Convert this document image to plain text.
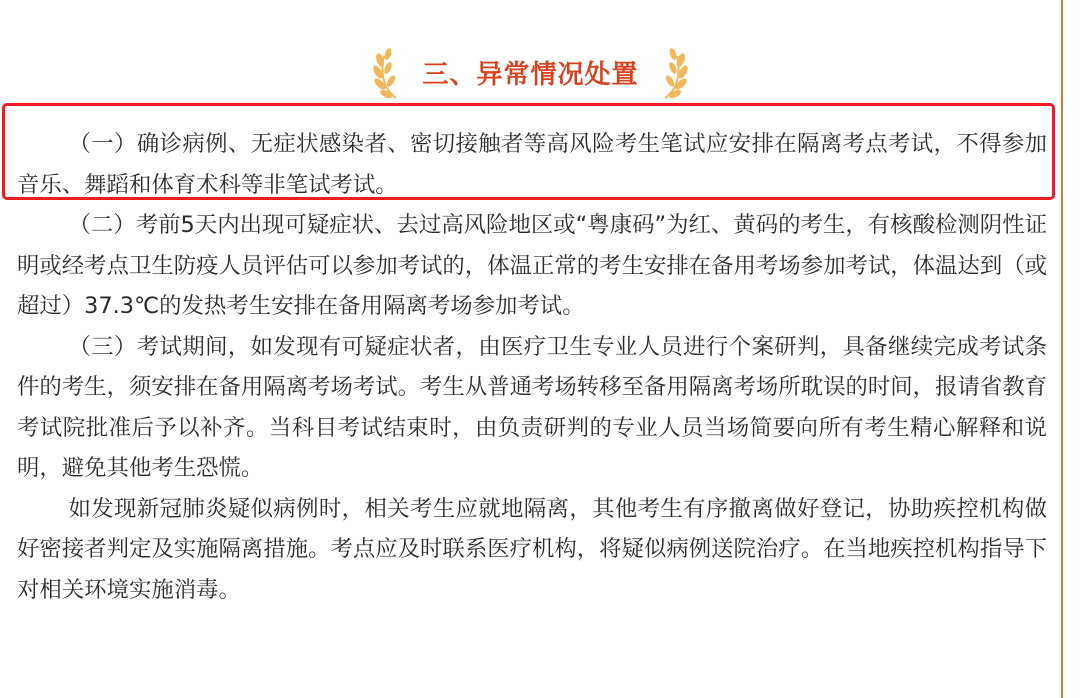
三、异常情况处置

（一）确诊病例、无症状感染者、密切接触者等高风险考生笔试应安排在隔离考点考试，不得参加音乐、舞蹈和体育术科等非笔试考试。

（二）考前5天内出现可疑症状、去过高风险地区或“粤康码”为红、黄码的考生，有核酸检测阴性证明或经考点卫生防疫人员评估可以参加考试的，体温正常的考生安排在备用考场参加考试，体温达到（或超过）37.3℃的发热考生安排在备用隔离考场参加考试。

（三）考试期间，如发现有可疑症状者，由医疗卫生专业人员进行个案研判，具备继续完成考试条件的考生，须安排在备用隔离考场考试。考生从普通考场转移至备用隔离考场所耽误的时间，报请省教育考试院批准后予以补齐。当科目考试结束时，由负责研判的专业人员当场简要向所有考生精心解释和说明，避免其他考生恐慌。

如发现新冠肺炎疑似病例时，相关考生应就地隔离，其他考生有序撤离做好登记，协助疾控机构做好密接者判定及实施隔离措施。考点应及时联系医疗机构，将疑似病例送院治疗。在当地疾控机构指导下对相关环境实施消毒。
